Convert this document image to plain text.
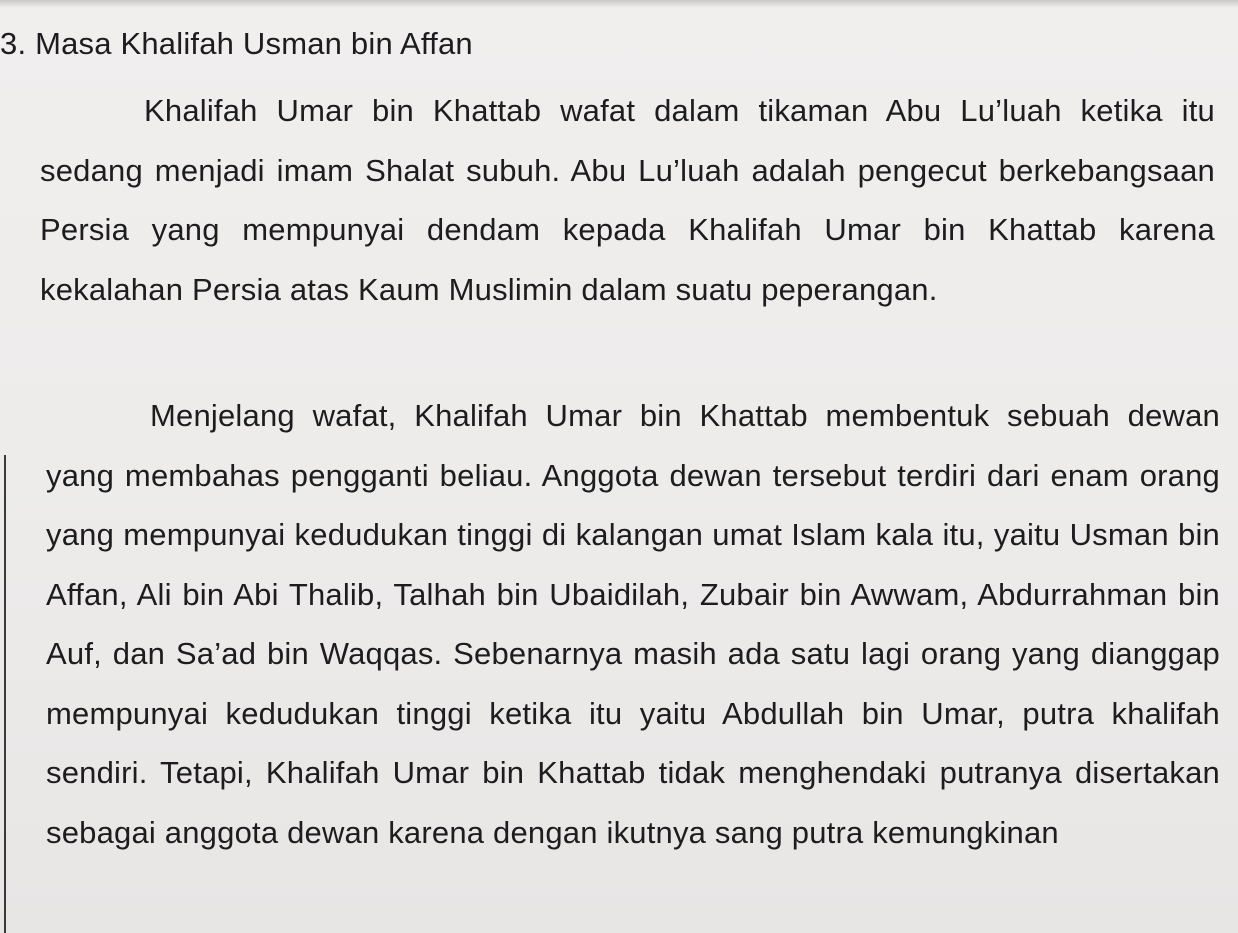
3. Masa Khalifah Usman bin Affan

Khalifah Umar bin Khattab wafat dalam tikaman Abu Lu’luah ketika itu sedang menjadi imam Shalat subuh. Abu Lu’luah adalah pengecut berkebangsaan Persia yang mempunyai dendam kepada Khalifah Umar bin Khattab karena kekalahan Persia atas Kaum Muslimin dalam suatu peperangan.

Menjelang wafat, Khalifah Umar bin Khattab membentuk sebuah dewan yang membahas pengganti beliau. Anggota dewan tersebut terdiri dari enam orang yang mempunyai kedudukan tinggi di kalangan umat Islam kala itu, yaitu Usman bin Affan, Ali bin Abi Thalib, Talhah bin Ubaidilah, Zubair bin Awwam, Abdurrahman bin Auf, dan Sa’ad bin Waqqas. Sebenarnya masih ada satu lagi orang yang dianggap mempunyai kedudukan tinggi ketika itu yaitu Abdullah bin Umar, putra khalifah sendiri. Tetapi, Khalifah Umar bin Khattab tidak menghendaki putranya disertakan sebagai anggota dewan karena dengan ikutnya sang putra kemungkinan
